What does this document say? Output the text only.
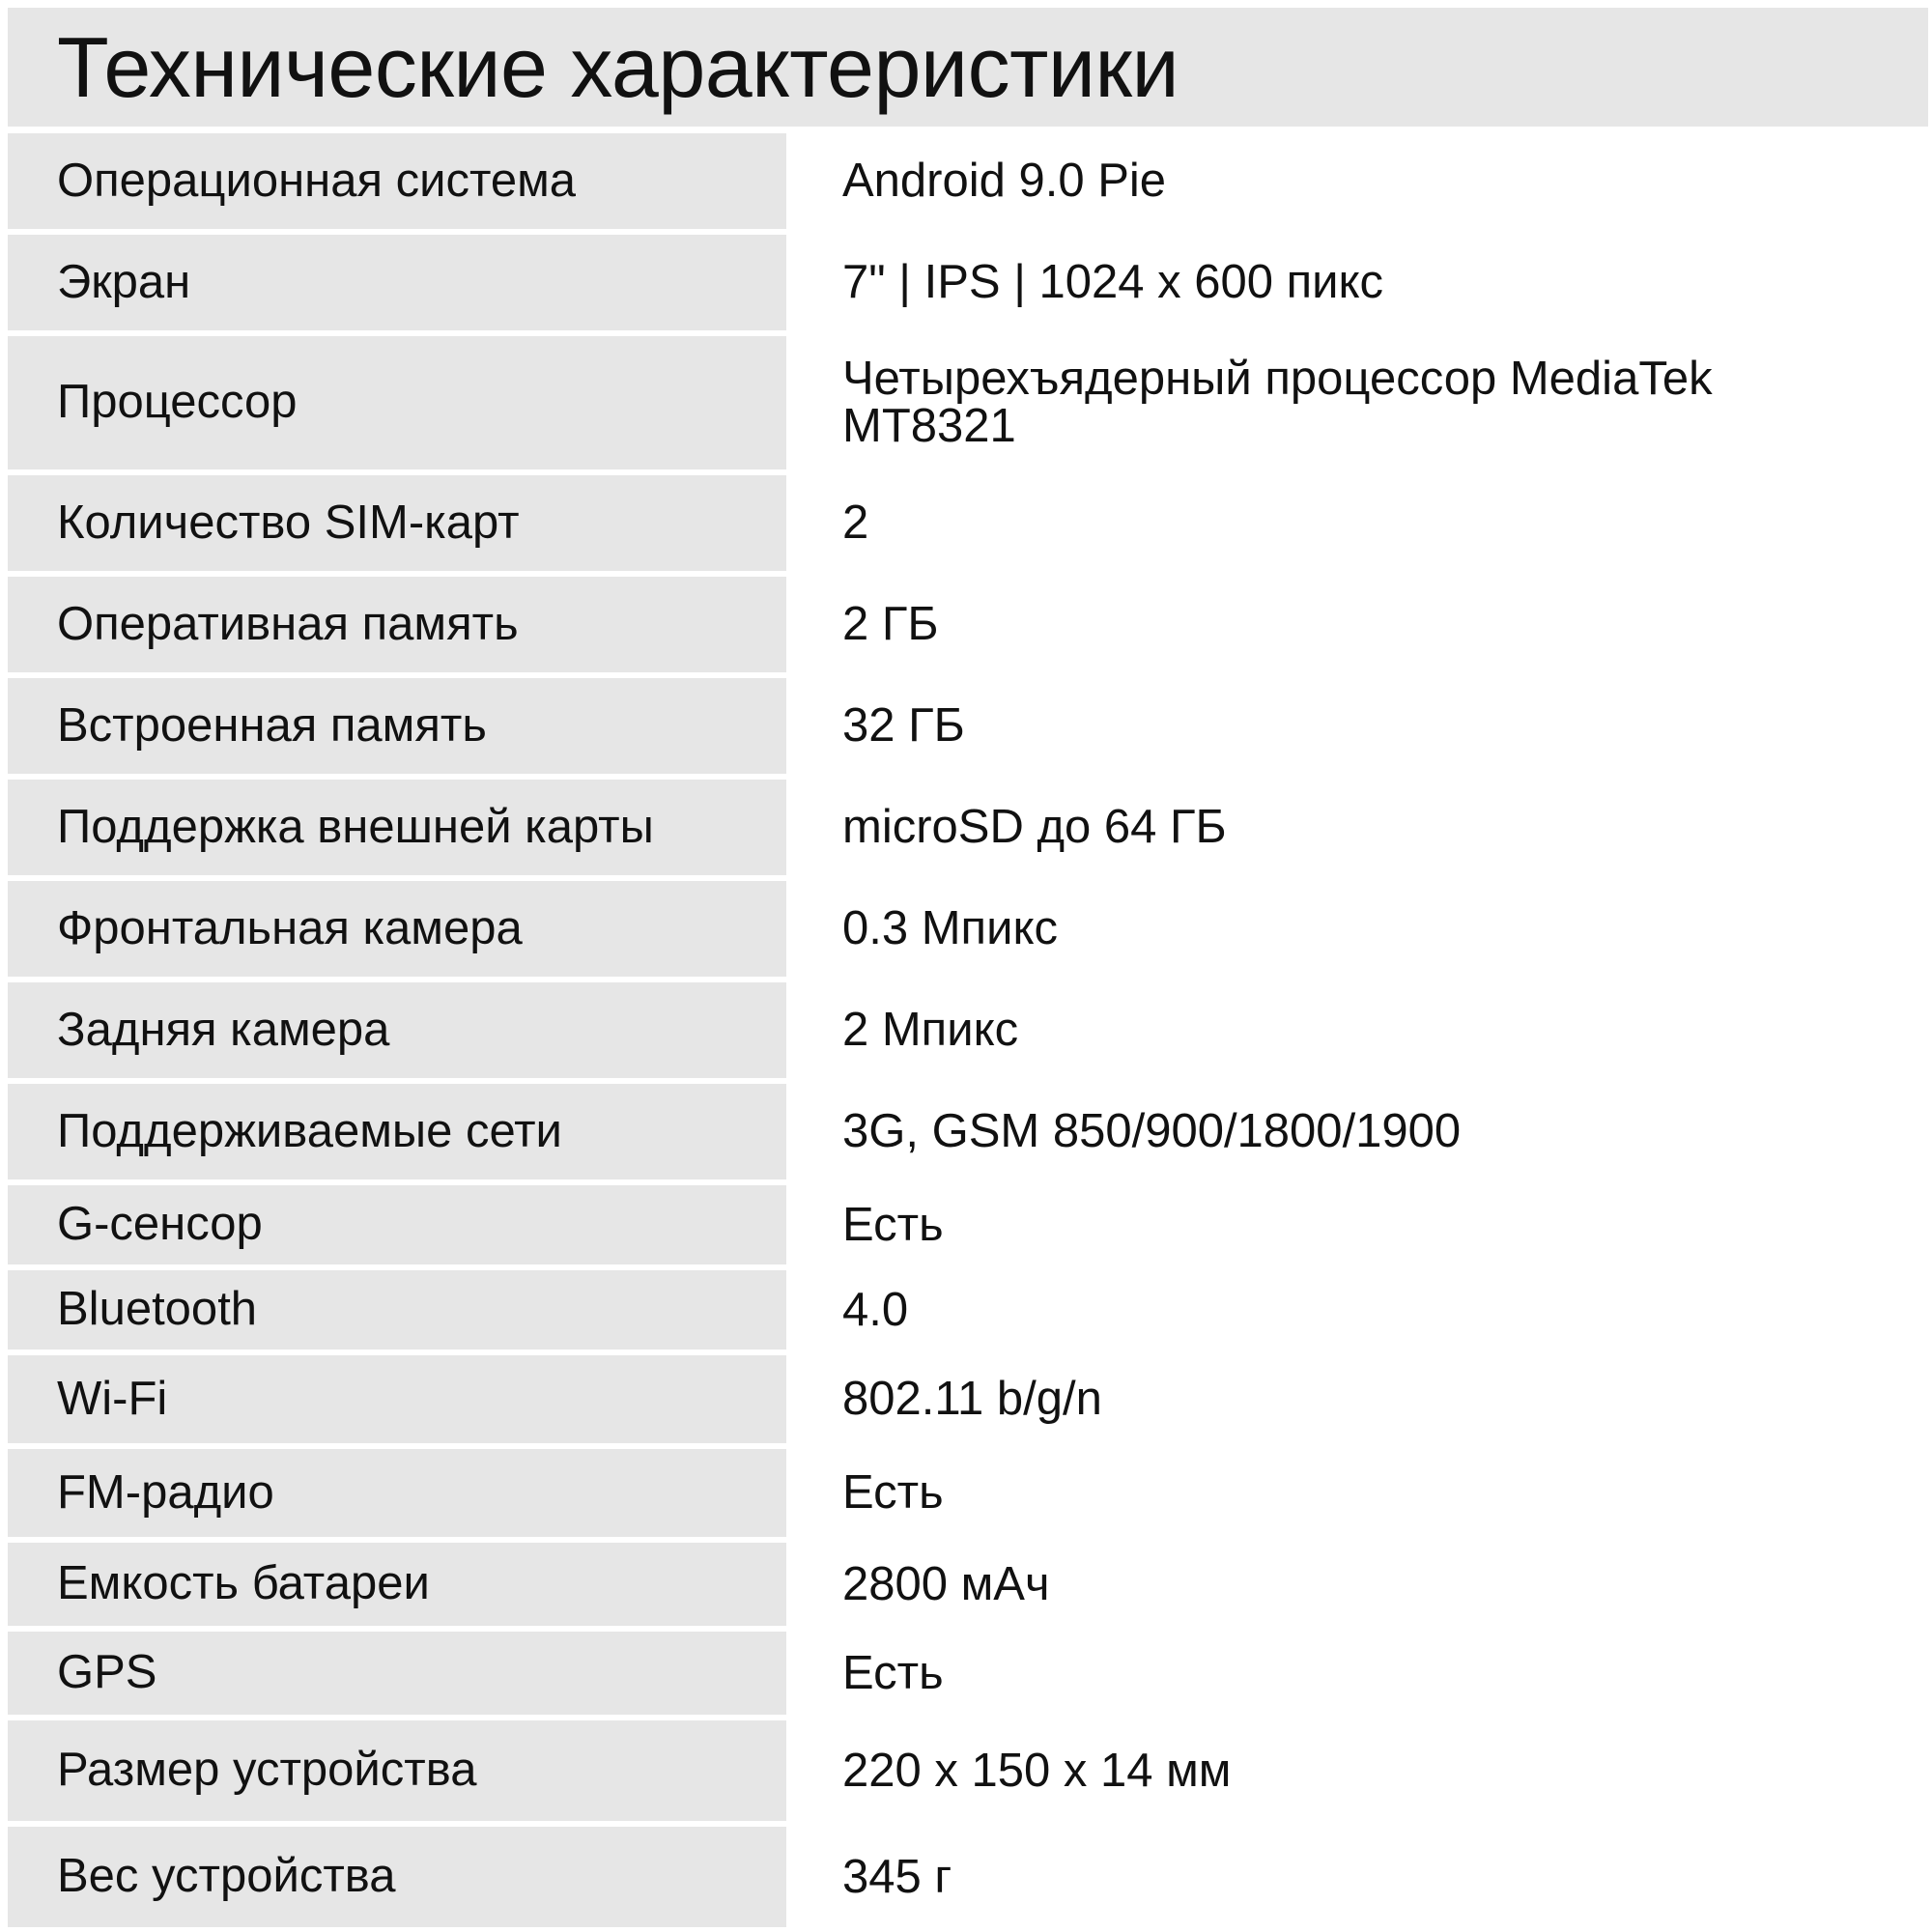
Технические характеристики
Операционная система	Android 9.0 Pie
Экран	7" | IPS | 1024 х 600 пикс
Процессор	Четырехъядерный процессор MediaTek MT8321
Количество SIM-карт	2
Оперативная память	2 ГБ
Встроенная память	32 ГБ
Поддержка внешней карты	microSD до 64 ГБ
Фронтальная камера	0.3 Мпикс
Задняя камера	2 Мпикс
Поддерживаемые сети	3G, GSM 850/900/1800/1900
G-сенсор	Есть
Bluetooth	4.0
Wi-Fi	802.11 b/g/n
FM-радио	Есть
Емкость батареи	2800 мАч
GPS	Есть
Размер устройства	220 х 150 х 14 мм
Вес устройства	345 г
